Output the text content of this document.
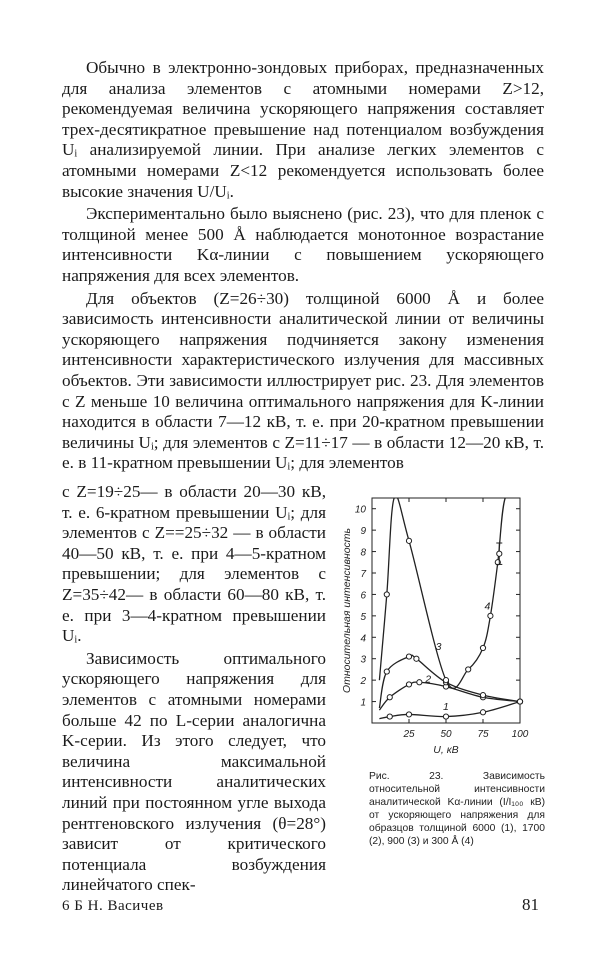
Обычно в электронно-зондовых приборах, предназначенных для анализа элементов с атомными номерами Z>12, рекомендуемая величина ускоряющего напряжения составляет трех-десятикратное превышение над потенциалом возбуждения Uᵢ анализируемой линии. При анализе легких элементов с атомными номерами Z<12 рекомендуется использовать более высокие значения U/Uᵢ.

Экспериментально было выяснено (рис. 23), что для пленок с толщиной менее 500 Å наблюдается монотонное возрастание интенсивности Kα-линии с повышением ускоряющего напряжения для всех элементов.

Для объектов (Z=26÷30) толщиной 6000 Å и более зависимость интенсивности аналитической линии от величины ускоряющего напряжения подчиняется закону изменения интенсивности характеристического излучения для массивных объектов. Эти зависимости иллюстрирует рис. 23. Для элементов с Z меньше 10 величина оптимального напряжения для K-линии находится в области 7—12 кВ, т. е. при 20-кратном превышении величины Uᵢ; для элементов с Z=11÷17 — в области 12—20 кВ, т. е. в 11-кратном превышении Uᵢ; для элементов

с Z=19÷25— в области 20—30 кВ, т. е. 6-кратном превышении Uᵢ; для элементов с Z==25÷32 — в области 40—50 кВ, т. е. при 4—5-кратном превышении; для элементов с Z=35÷42— в области 60—80 кВ, т. е. при 3—4-кратном превышении Uᵢ.

Зависимость оптимального ускоряющего напряжения для элементов с атомными номерами больше 42 по L-серии аналогична K-серии. Из этого следует, что величина максимальной интенсивности аналитических линий при постоянном угле выхода рентгеновского излучения (θ=28°) зависит от критического потенциала возбуждения линейчатого спек-

1
2
3
4
5
6
7
8
9
10
25	50	75 100
U, кВ
Относительная интенсивность
1
2
3
4
Рис. 23. Зависимость относительной интенсивности аналитической Kα-линии (I/I₁₀₀ кВ) от ускоряющего напряжения для образцов толщиной 6000 (1), 1700 (2), 900 (3) и 300 Å (4)
6 Б Н. Васичев	81
